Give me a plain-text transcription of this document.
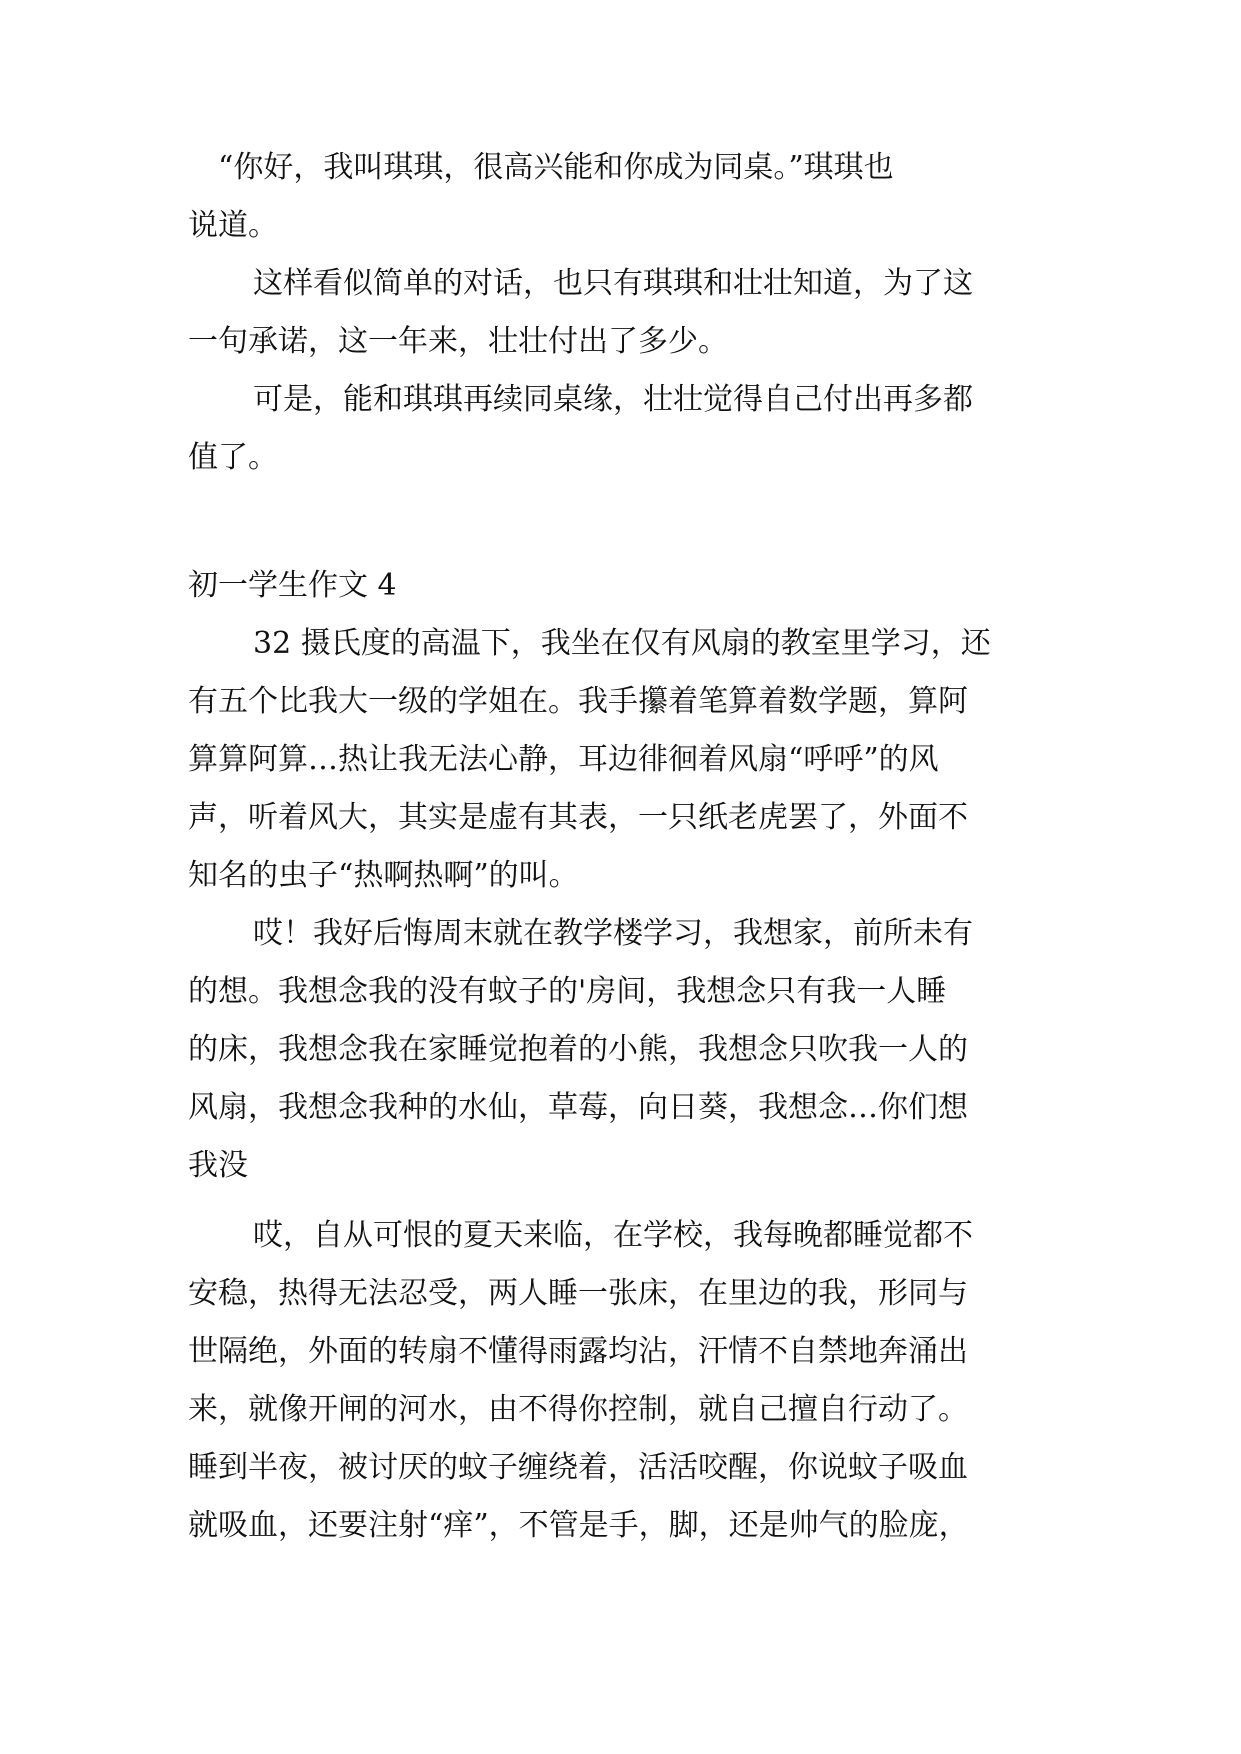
“你好，我叫琪琪，很高兴能和你成为同桌。”琪琪也
说道。
这样看似简单的对话，也只有琪琪和壮壮知道，为了这
一句承诺，这一年来，壮壮付出了多少。
可是，能和琪琪再续同桌缘，壮壮觉得自己付出再多都
值了。
初一学生作文 4
32 摄氏度的高温下，我坐在仅有风扇的教室里学习，还
有五个比我大一级的学姐在。我手攥着笔算着数学题，算阿
算算阿算…热让我无法心静，耳边徘徊着风扇“呼呼”的风
声，听着风大，其实是虚有其表，一只纸老虎罢了，外面不
知名的虫子“热啊热啊”的叫。
哎！我好后悔周末就在教学楼学习，我想家，前所未有
的想。我想念我的没有蚊子的'房间，我想念只有我一人睡
的床，我想念我在家睡觉抱着的小熊，我想念只吹我一人的
风扇，我想念我种的水仙，草莓，向日葵，我想念…你们想
我没
哎，自从可恨的夏天来临，在学校，我每晚都睡觉都不
安稳，热得无法忍受，两人睡一张床，在里边的我，形同与
世隔绝，外面的转扇不懂得雨露均沾，汗情不自禁地奔涌出
来，就像开闸的河水，由不得你控制，就自己擅自行动了。
睡到半夜，被讨厌的蚊子缠绕着，活活咬醒，你说蚊子吸血
就吸血，还要注射“痒”，不管是手，脚，还是帅气的脸庞，
